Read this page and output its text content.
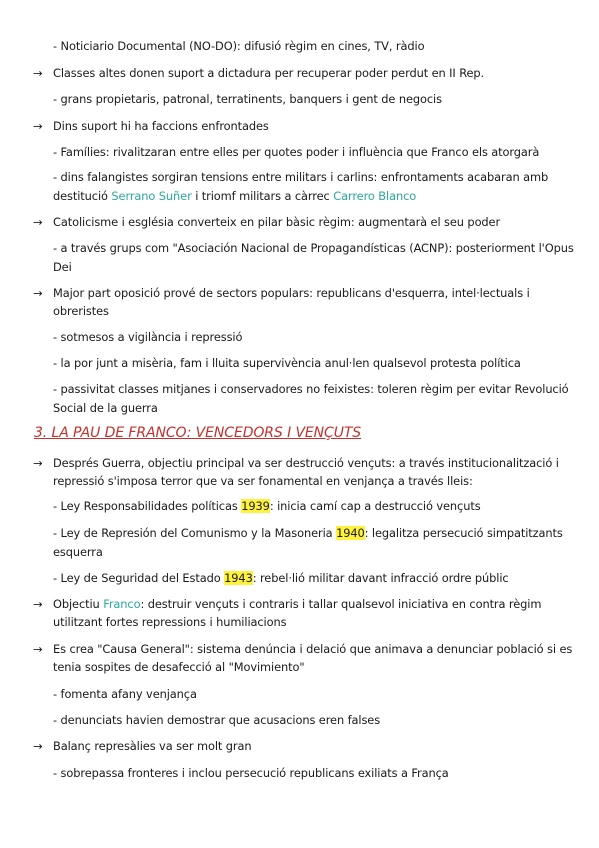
- Noticiario Documental (NO-DO): difusió règim en cines, TV, ràdio
→ Classes altes donen suport a dictadura per recuperar poder perdut en II Rep.
- grans propietaris, patronal, terratinents, banquers i gent de negocis
→ Dins suport hi ha faccions enfrontades
- Famílies: rivalitzaran entre elles per quotes poder i influència que Franco els atorgarà
- dins falangistes sorgiran tensions entre militars i carlins: enfrontaments acabaran amb
destitució Serrano Suñer i triomf militars a càrrec Carrero Blanco
→ Catolicisme i església converteix en pilar bàsic règim: augmentarà el seu poder
- a través grups com "Asociación Nacional de Propagandísticas (ACNP): posteriorment l'Opus
Dei
→ Major part oposició prové de sectors populars: republicans d'esquerra, intel·lectuals i
obreristes
- sotmesos a vigilància i repressió
- la por junt a misèria, fam i lluita supervivència anul·len qualsevol protesta política
- passivitat classes mitjanes i conservadores no feixistes: toleren règim per evitar Revolució
Social de la guerra
3. LA PAU DE FRANCO: VENCEDORS I VENÇUTS
→ Després Guerra, objectiu principal va ser destrucció vençuts: a través institucionalització i
repressió s'imposa terror que va ser fonamental en venjança a través lleis:
- Ley Responsabilidades políticas 1939: inicia camí cap a destrucció vençuts
- Ley de Represión del Comunismo y la Masoneria 1940: legalitza persecució simpatitzants
esquerra
- Ley de Seguridad del Estado 1943: rebel·lió militar davant infracció ordre públic
→ Objectiu Franco: destruir vençuts i contraris i tallar qualsevol iniciativa en contra règim
utilitzant fortes repressions i humiliacions
→ Es crea "Causa General": sistema denúncia i delació que animava a denunciar població si es
tenia sospites de desafecció al "Movimiento"
- fomenta afany venjança
- denunciats havien demostrar que acusacions eren falses
→ Balanç represàlies va ser molt gran
- sobrepassa fronteres i inclou persecució republicans exiliats a França
